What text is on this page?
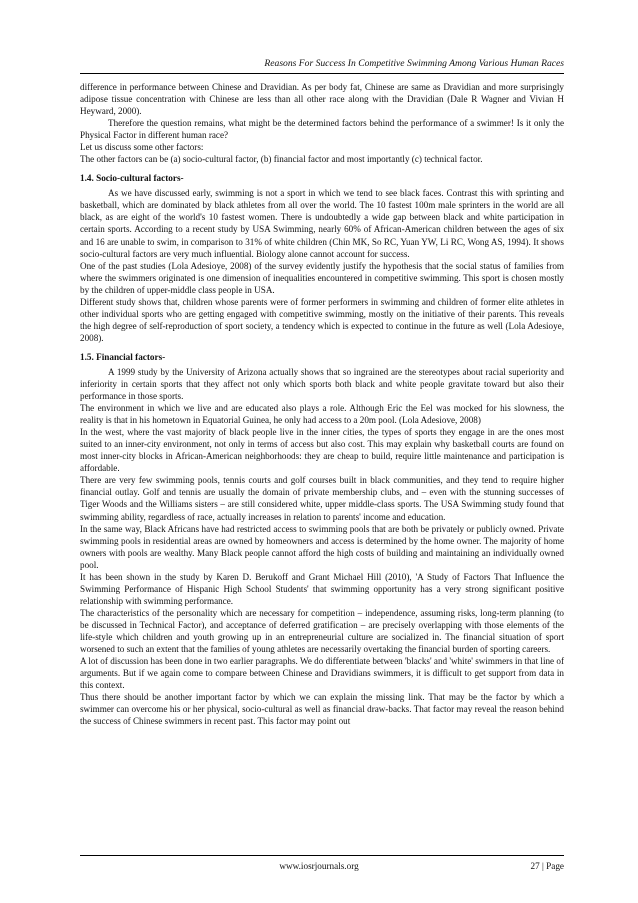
Reasons For Success In Competitive Swimming Among Various Human Races

difference in performance between Chinese and Dravidian. As per body fat, Chinese are same as Dravidian and more surprisingly adipose tissue concentration with Chinese are less than all other race along with the Dravidian (Dale R Wagner and Vivian H Heyward, 2000).

Therefore the question remains, what might be the determined factors behind the performance of a swimmer! Is it only the Physical Factor in different human race?

Let us discuss some other factors:

The other factors can be (a) socio-cultural factor, (b) financial factor and most importantly (c) technical factor.

1.4. Socio-cultural factors-

As we have discussed early, swimming is not a sport in which we tend to see black faces. Contrast this with sprinting and basketball, which are dominated by black athletes from all over the world. The 10 fastest 100m male sprinters in the world are all black, as are eight of the world's 10 fastest women. There is undoubtedly a wide gap between black and white participation in certain sports. According to a recent study by USA Swimming, nearly 60% of African-American children between the ages of six and 16 are unable to swim, in comparison to 31% of white children (Chin MK, So RC, Yuan YW, Li RC, Wong AS, 1994). It shows socio-cultural factors are very much influential. Biology alone cannot account for success.

One of the past studies (Lola Adesioye, 2008) of the survey evidently justify the hypothesis that the social status of families from where the swimmers originated is one dimension of inequalities encountered in competitive swimming. This sport is chosen mostly by the children of upper-middle class people in USA.

Different study shows that, children whose parents were of former performers in swimming and children of former elite athletes in other individual sports who are getting engaged with competitive swimming, mostly on the initiative of their parents. This reveals the high degree of self-reproduction of sport society, a tendency which is expected to continue in the future as well (Lola Adesioye, 2008).

1.5. Financial factors-

A 1999 study by the University of Arizona actually shows that so ingrained are the stereotypes about racial superiority and inferiority in certain sports that they affect not only which sports both black and white people gravitate toward but also their performance in those sports.

The environment in which we live and are educated also plays a role. Although Eric the Eel was mocked for his slowness, the reality is that in his hometown in Equatorial Guinea, he only had access to a 20m pool. (Lola Adesiove, 2008)

In the west, where the vast majority of black people live in the inner cities, the types of sports they engage in are the ones most suited to an inner-city environment, not only in terms of access but also cost. This may explain why basketball courts are found on most inner-city blocks in African-American neighborhoods: they are cheap to build, require little maintenance and participation is affordable.

There are very few swimming pools, tennis courts and golf courses built in black communities, and they tend to require higher financial outlay. Golf and tennis are usually the domain of private membership clubs, and – even with the stunning successes of Tiger Woods and the Williams sisters – are still considered white, upper middle-class sports. The USA Swimming study found that swimming ability, regardless of race, actually increases in relation to parents' income and education.

In the same way, Black Africans have had restricted access to swimming pools that are both be privately or publicly owned. Private swimming pools in residential areas are owned by homeowners and access is determined by the home owner. The majority of home owners with pools are wealthy. Many Black people cannot afford the high costs of building and maintaining an individually owned pool.

It has been shown in the study by Karen D. Berukoff and Grant Michael Hill (2010), 'A Study of Factors That Influence the Swimming Performance of Hispanic High School Students' that swimming opportunity has a very strong significant positive relationship with swimming performance.

The characteristics of the personality which are necessary for competition – independence, assuming risks, long-term planning (to be discussed in Technical Factor), and acceptance of deferred gratification – are precisely overlapping with those elements of the life-style which children and youth growing up in an entrepreneurial culture are socialized in. The financial situation of sport worsened to such an extent that the families of young athletes are necessarily overtaking the financial burden of sporting careers.

A lot of discussion has been done in two earlier paragraphs. We do differentiate between 'blacks' and 'white' swimmers in that line of arguments. But if we again come to compare between Chinese and Dravidians swimmers, it is difficult to get support from data in this context.

Thus there should be another important factor by which we can explain the missing link. That may be the factor by which a swimmer can overcome his or her physical, socio-cultural as well as financial draw-backs. That factor may reveal the reason behind the success of Chinese swimmers in recent past. This factor may point out

www.iosrjournals.org	27 | Page
